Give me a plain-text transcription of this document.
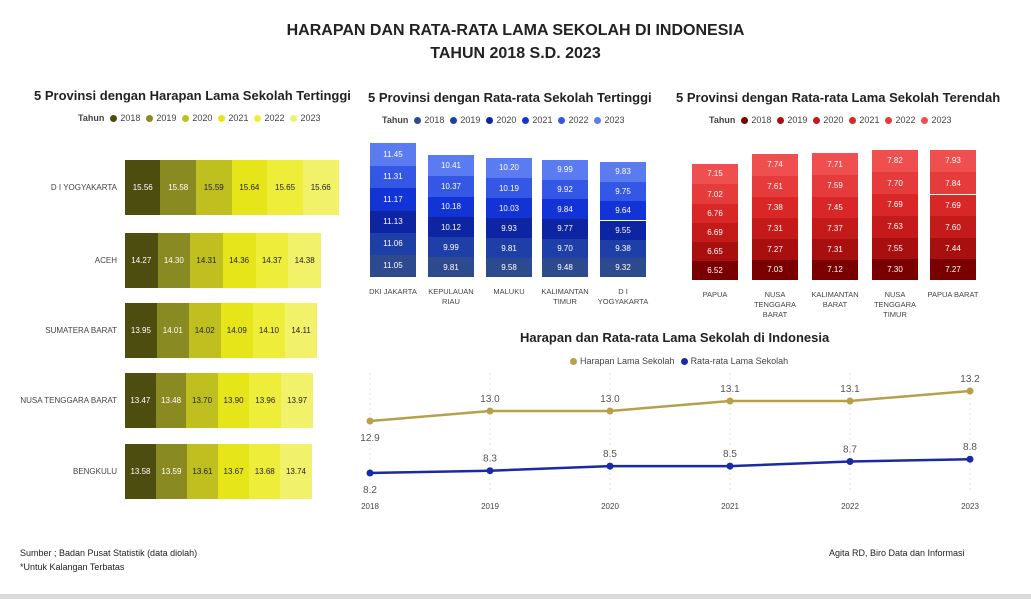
HARAPAN DAN RATA-RATA LAMA SEKOLAH DI INDONESIA
TAHUN 2018 S.D. 2023
5 Provinsi dengan Harapan Lama Sekolah Tertinggi
Tahun 2018 2019 2020 2021 2022 2023
D I YOGYAKARTA	15.56	15.58	15.59	15.64	15.65	15.66
ACEH	14.27	14.30	14.31	14.36	14.37	14.38
SUMATERA BARAT	13.95	14.01	14.02	14.09	14.10	14.11
NUSA TENGGARA BARAT	13.47	13.48	13.70	13.90	13.96	13.97
BENGKULU	13.58	13.59	13.61	13.67	13.68	13.74
5 Provinsi dengan Rata-rata Sekolah Tertinggi
Tahun 2018 2019 2020 2021 2022 2023
11.05
11.06
11.13
11.17
11.31
11.45
DKI JAKARTA
9.81
9.99
10.12
10.18
10.37
10.41
KEPULAUAN
RIAU
9.58
9.81
9.93
10.03
10.19
10.20
MALUKU
9.48
9.70
9.77
9.84
9.92
9.99
KALIMANTAN
TIMUR
9.32
9.38
9.55
9.64
9.75
9.83
D I
YOGYAKARTA
5 Provinsi dengan Rata-rata Lama Sekolah Terendah
Tahun 2018 2019 2020 2021 2022 2023
6.52
6.65
6.69
6.76
7.02
7.15
PAPUA
7.03
7.27
7.31
7.38
7.61
7.74
NUSA
TENGGARA
BARAT
7.12
7.31
7.37
7.45
7.59
7.71
KALIMANTAN
BARAT
7.30
7.55
7.63
7.69
7.70
7.82
NUSA
TENGGARA
TIMUR
7.27
7.44
7.60
7.69
7.84
7.93
PAPUA BARAT
Harapan dan Rata-rata Lama Sekolah di Indonesia
Harapan Lama Sekolah Rata-rata Lama Sekolah
12.9
13.0	13.0
13.1	13.1
13.2
8.2
8.3	8.5	8.5	8.7	8.8
2018	2019	2020	2021	2022	2023
Sumber ; Badan Pusat Statistik (data diolah)
*Untuk Kalangan Terbatas
Agita RD, Biro Data dan Informasi
